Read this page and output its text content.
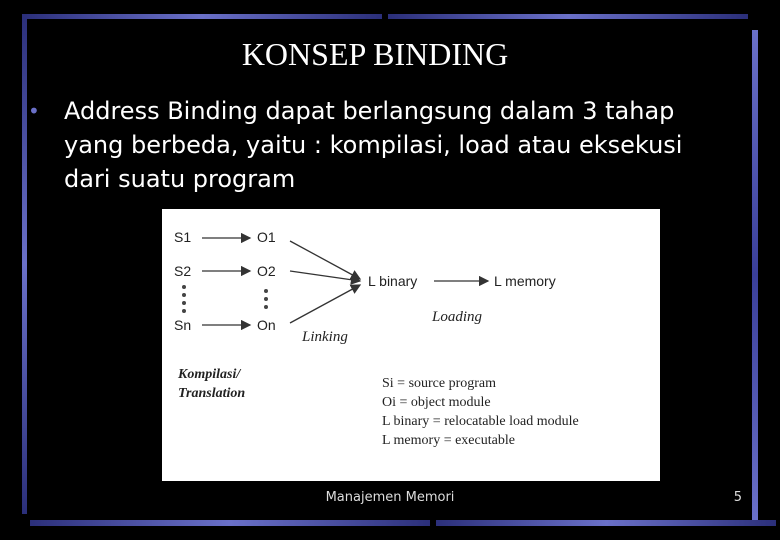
KONSEP BINDING
• Address Binding dapat berlangsung dalam 3 tahap yang berbeda, yaitu : kompilasi, load atau eksekusi dari suatu program
S1
S2
Sn
O1
O2
On
L binary	L memory
Linking
Loading
Kompilasi/
Translation
Si = source program
Oi = object module
L binary = relocatable load module
L memory = executable
Manajemen Memori	5
